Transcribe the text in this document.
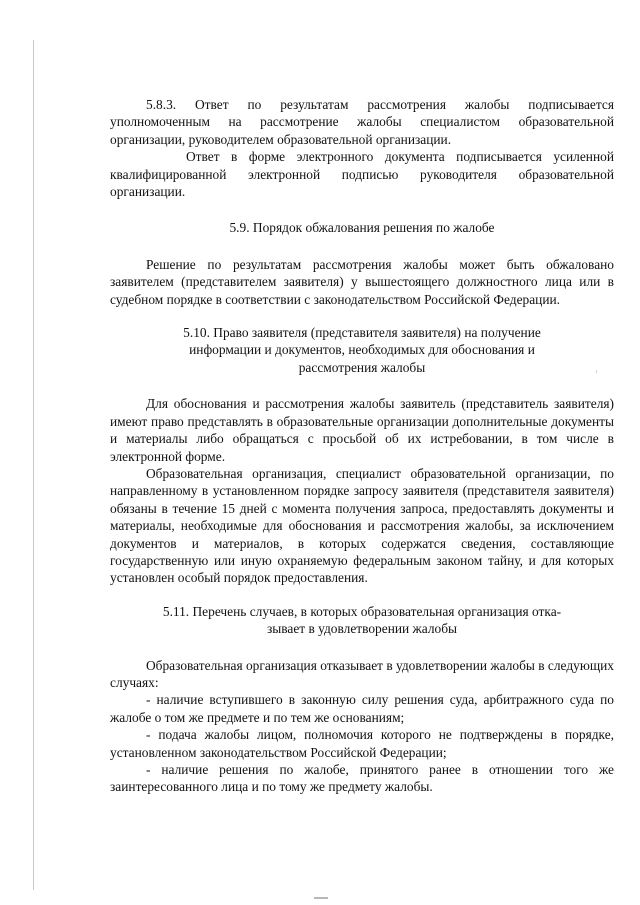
5.8.3. Ответ по результатам рассмотрения жалобы подписывается уполномоченным на рассмотрение жалобы специалистом образовательной организации, руководителем образовательной организации.

Ответ в форме электронного документа подписывается усиленной квалифицированной электронной подписью руководителя образовательной организации.

5.9. Порядок обжалования решения по жалобе

Решение по результатам рассмотрения жалобы может быть обжаловано заявителем (представителем заявителя) у вышестоящего должностного лица или в судебном порядке в соответствии с законодательством Российской Федерации.

5.10. Право заявителя (представителя заявителя) на получение
информации и документов, необходимых для обоснования и
рассмотрения жалобы

Для обоснования и рассмотрения жалобы заявитель (представитель заявителя) имеют право представлять в образовательные организации дополнительные документы и материалы либо обращаться с просьбой об их истребовании, в том числе в электронной форме.

Образовательная организация, специалист образовательной организации, по направленному в установленном порядке запросу заявителя (представителя заявителя) обязаны в течение 15 дней с момента получения запроса, предоставлять документы и материалы, необходимые для обоснования и рассмотрения жалобы, за исключением документов и материалов, в которых содержатся сведения, составляющие государственную или иную охраняемую федеральным законом тайну, и для которых установлен особый порядок предоставления.

5.11. Перечень случаев, в которых образовательная организация отка-
зывает в удовлетворении жалобы

Образовательная организация отказывает в удовлетворении жалобы в следующих случаях:

- наличие вступившего в законную силу решения суда, арбитражного суда по жалобе о том же предмете и по тем же основаниям;

- подача жалобы лицом, полномочия которого не подтверждены в порядке, установленном законодательством Российской Федерации;

- наличие решения по жалобе, принятого ранее в отношении того же заинтересованного лица и по тому же предмету жалобы.
